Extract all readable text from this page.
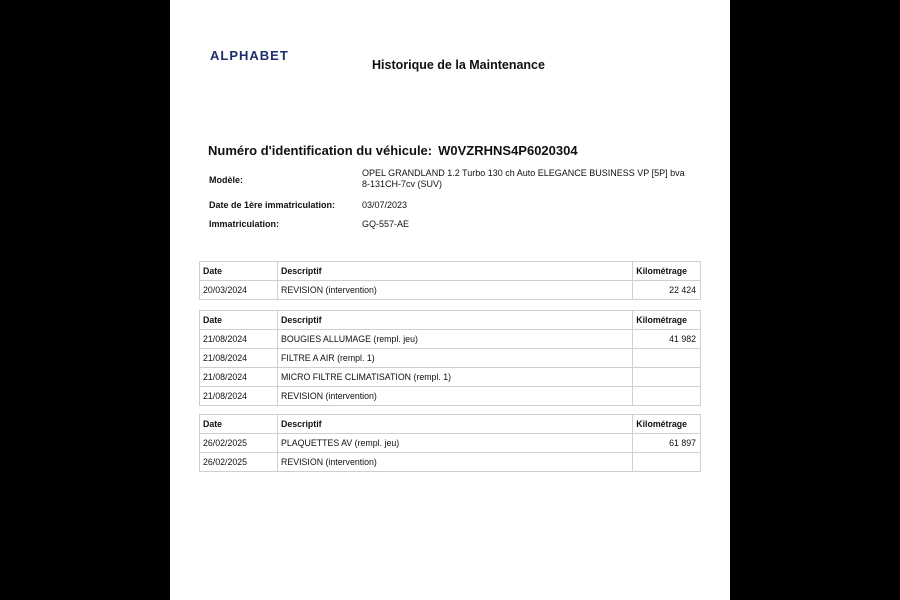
ALPHABET
Historique de la Maintenance
Numéro d'identification du véhicule: W0VZRHNS4P6020304
Modèle:
OPEL GRANDLAND 1.2 Turbo 130 ch Auto ELEGANCE BUSINESS VP [5P] bva 8-131CH-7cv (SUV)
Date de 1ère immatriculation:	03/07/2023
Immatriculation:	GQ-557-AE
Date	Descriptif	Kilométrage
20/03/2024	REVISION (intervention)	22 424
Date	Descriptif	Kilométrage
21/08/2024	BOUGIES ALLUMAGE (rempl. jeu)	41 982
21/08/2024	FILTRE A AIR (rempl. 1)	
21/08/2024	MICRO FILTRE CLIMATISATION (rempl. 1)	
21/08/2024	REVISION (intervention)	
Date	Descriptif	Kilométrage
26/02/2025	PLAQUETTES AV (rempl. jeu)	61 897
26/02/2025	REVISION (intervention)	
